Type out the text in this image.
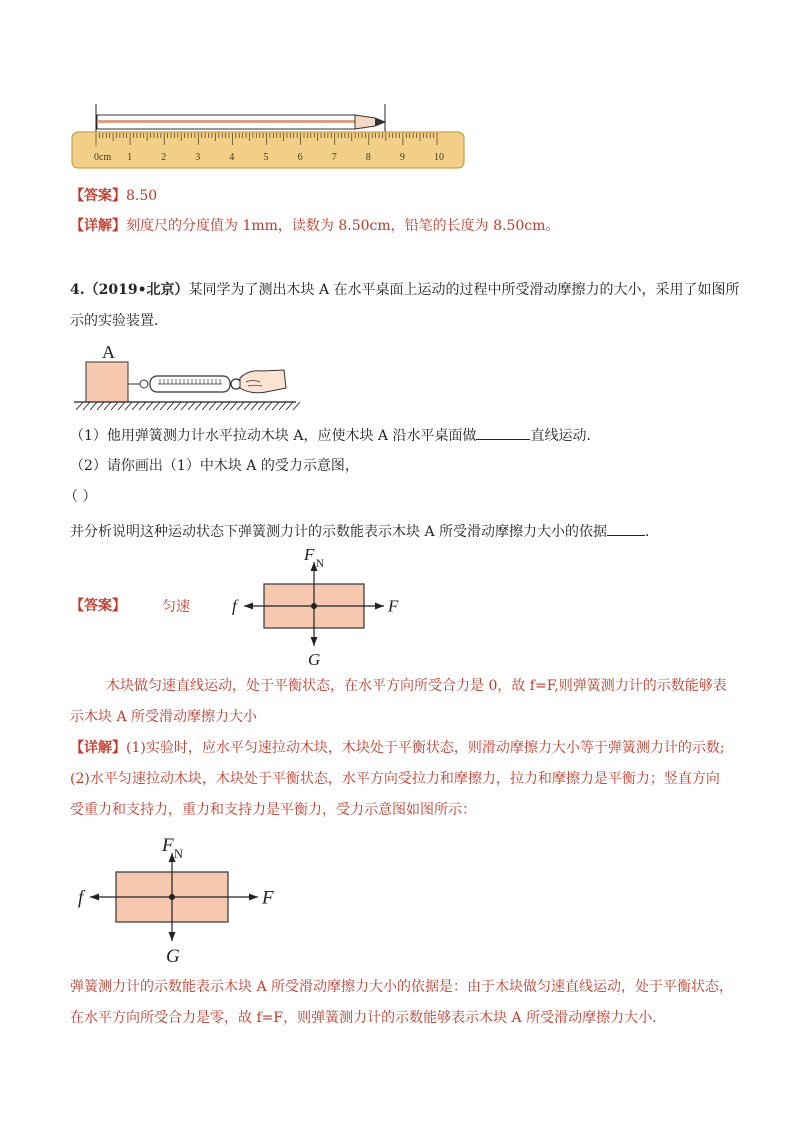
0cm 1	2	3	4	5	6	7	8	9	10
【答案】8.50
【详解】刻度尺的分度值为 1mm，读数为 8.50cm，铅笔的长度为 8.50cm。
4.（2019•北京）某同学为了测出木块 A 在水平桌面上运动的过程中所受滑动摩擦力的大小，采用了如图所
示的实验装置．
A
（1）他用弹簧测力计水平拉动木块 A，应使木块 A 沿水平桌面做	直线运动．
（2）请你画出（1）中木块 A 的受力示意图，
（ ）
并分析说明这种运动状态下弹簧测力计的示数能表示木块 A 所受滑动摩擦力大小的依据	．
【答案】	匀速
F N
G
f	F
木块做匀速直线运动，处于平衡状态，在水平方向所受合力是 0，故 f=F,则弹簧测力计的示数能够表
示木块 A 所受滑动摩擦力大小
【详解】(1)实验时，应水平匀速拉动木块，木块处于平衡状态，则滑动摩擦力大小等于弹簧测力计的示数;
(2)水平匀速拉动木块，木块处于平衡状态，水平方向受拉力和摩擦力，拉力和摩擦力是平衡力；竖直方向
受重力和支持力，重力和支持力是平衡力，受力示意图如图所示：
F N
G
f	F
弹簧测力计的示数能表示木块 A 所受滑动摩擦力大小的依据是：由于木块做匀速直线运动，处于平衡状态，
在水平方向所受合力是零，故 f=F，则弹簧测力计的示数能够表示木块 A 所受滑动摩擦力大小．
